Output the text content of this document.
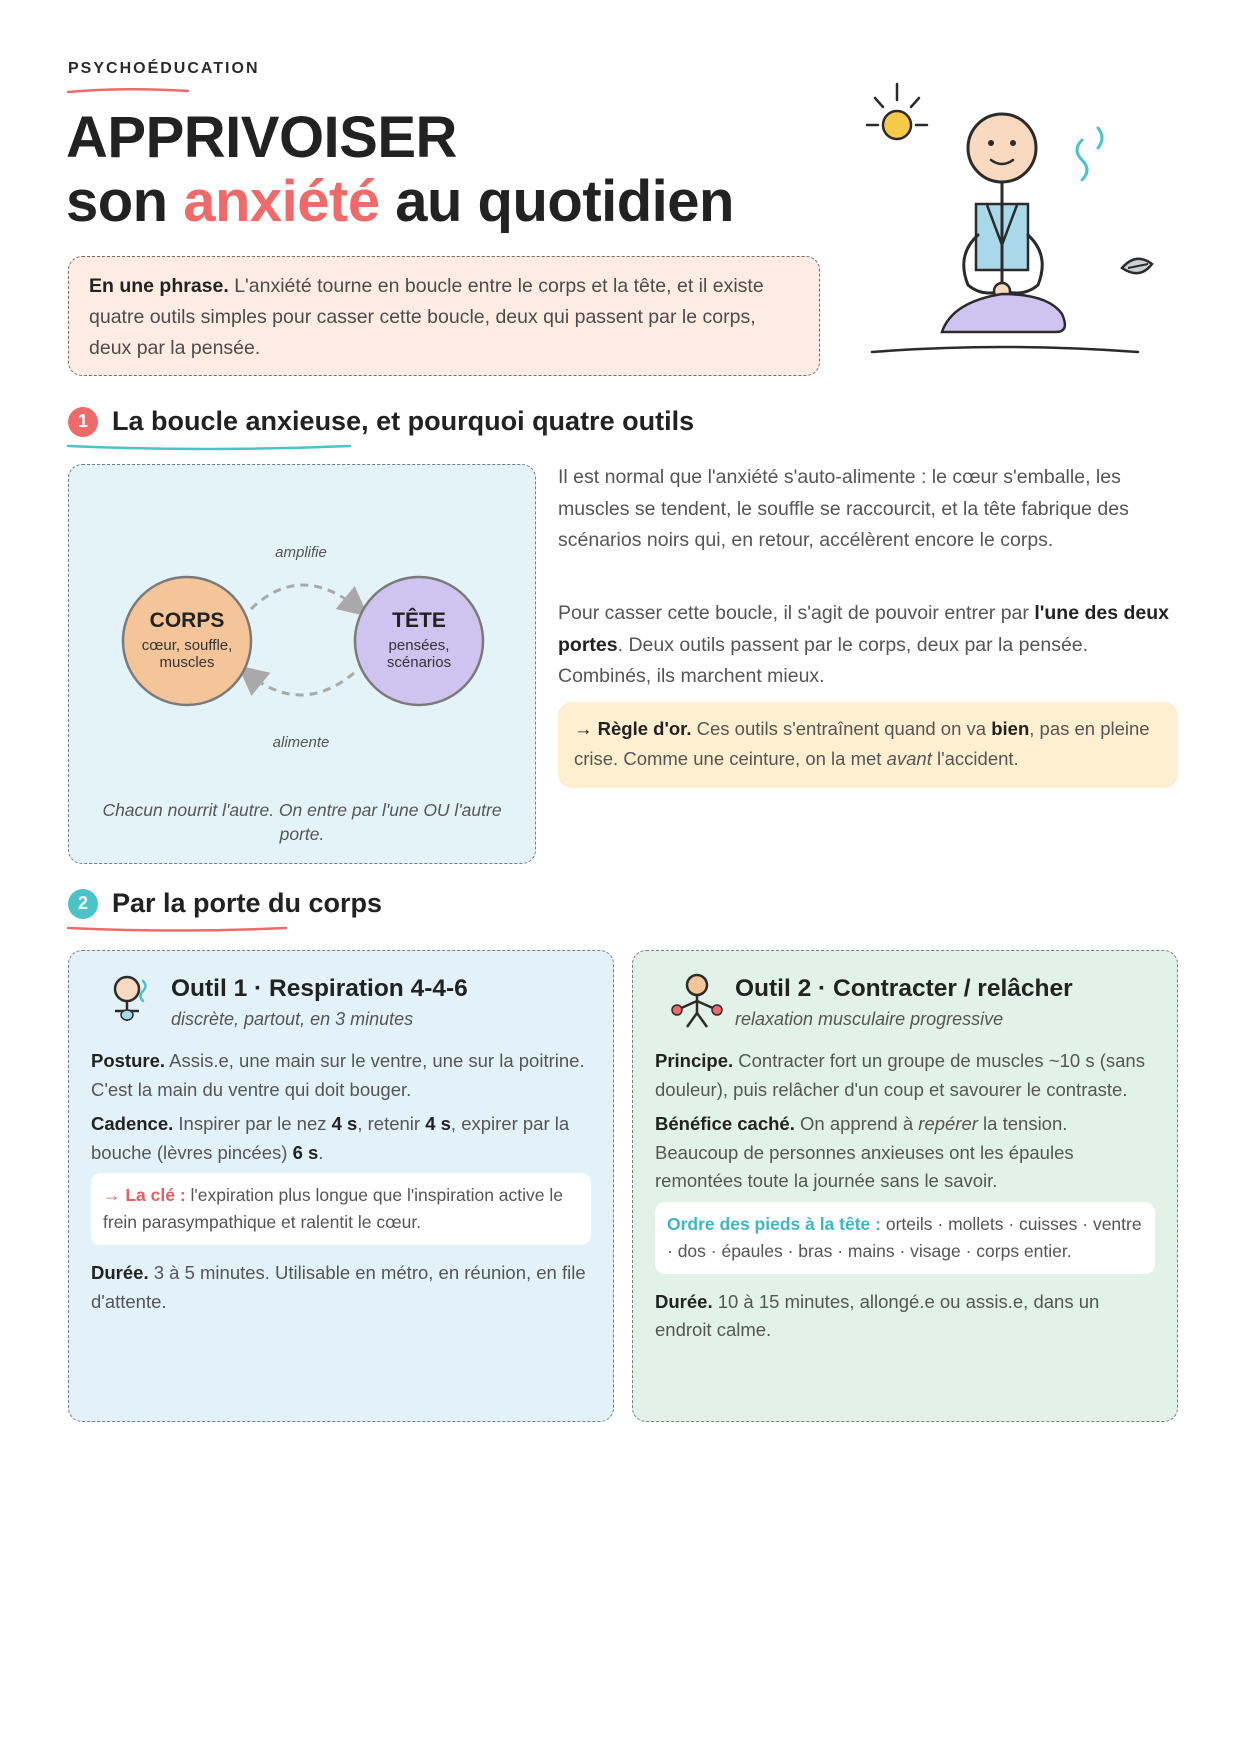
PSYCHOÉDUCATION
APPRIVOISER
son anxiété au quotidien
En une phrase. L'anxiété tourne en boucle entre le corps et la tête, et il existe quatre outils simples pour casser cette boucle, deux qui passent par le corps, deux par la pensée.
1 La boucle anxieuse, et pourquoi quatre outils
amplifie
alimente
CORPS
cœur, souffle,
muscles
TÊTE
pensées,
scénarios

Chacun nourrit l'autre. On entre par l'une OU l'autre porte.

Il est normal que l'anxiété s'auto-alimente : le cœur s'emballe, les muscles se tendent, le souffle se raccourcit, et la tête fabrique des scénarios noirs qui, en retour, accélèrent encore le corps.

Pour casser cette boucle, il s'agit de pouvoir entrer par l'une des deux portes. Deux outils passent par le corps, deux par la pensée. Combinés, ils marchent mieux.

→ Règle d'or. Ces outils s'entraînent quand on va bien, pas en pleine crise. Comme une ceinture, on la met avant l'accident.
2 Par la porte du corps
Outil 1 · Respiration 4-4-6

discrète, partout, en 3 minutes

Posture. Assis.e, une main sur le ventre, une sur la poitrine. C'est la main du ventre qui doit bouger.

Cadence. Inspirer par le nez 4 s, retenir 4 s, expirer par la bouche (lèvres pincées) 6 s.

→ La clé : l'expiration plus longue que l'inspiration active le frein parasympathique et ralentit le cœur.

Durée. 3 à 5 minutes. Utilisable en métro, en réunion, en file d'attente.

Outil 2 · Contracter / relâcher

relaxation musculaire progressive

Principe. Contracter fort un groupe de muscles ~10 s (sans douleur), puis relâcher d'un coup et savourer le contraste.

Bénéfice caché. On apprend à repérer la tension. Beaucoup de personnes anxieuses ont les épaules remontées toute la journée sans le savoir.

Ordre des pieds à la tête : orteils · mollets · cuisses · ventre · dos · épaules · bras · mains · visage · corps entier.

Durée. 10 à 15 minutes, allongé.e ou assis.e, dans un endroit calme.
